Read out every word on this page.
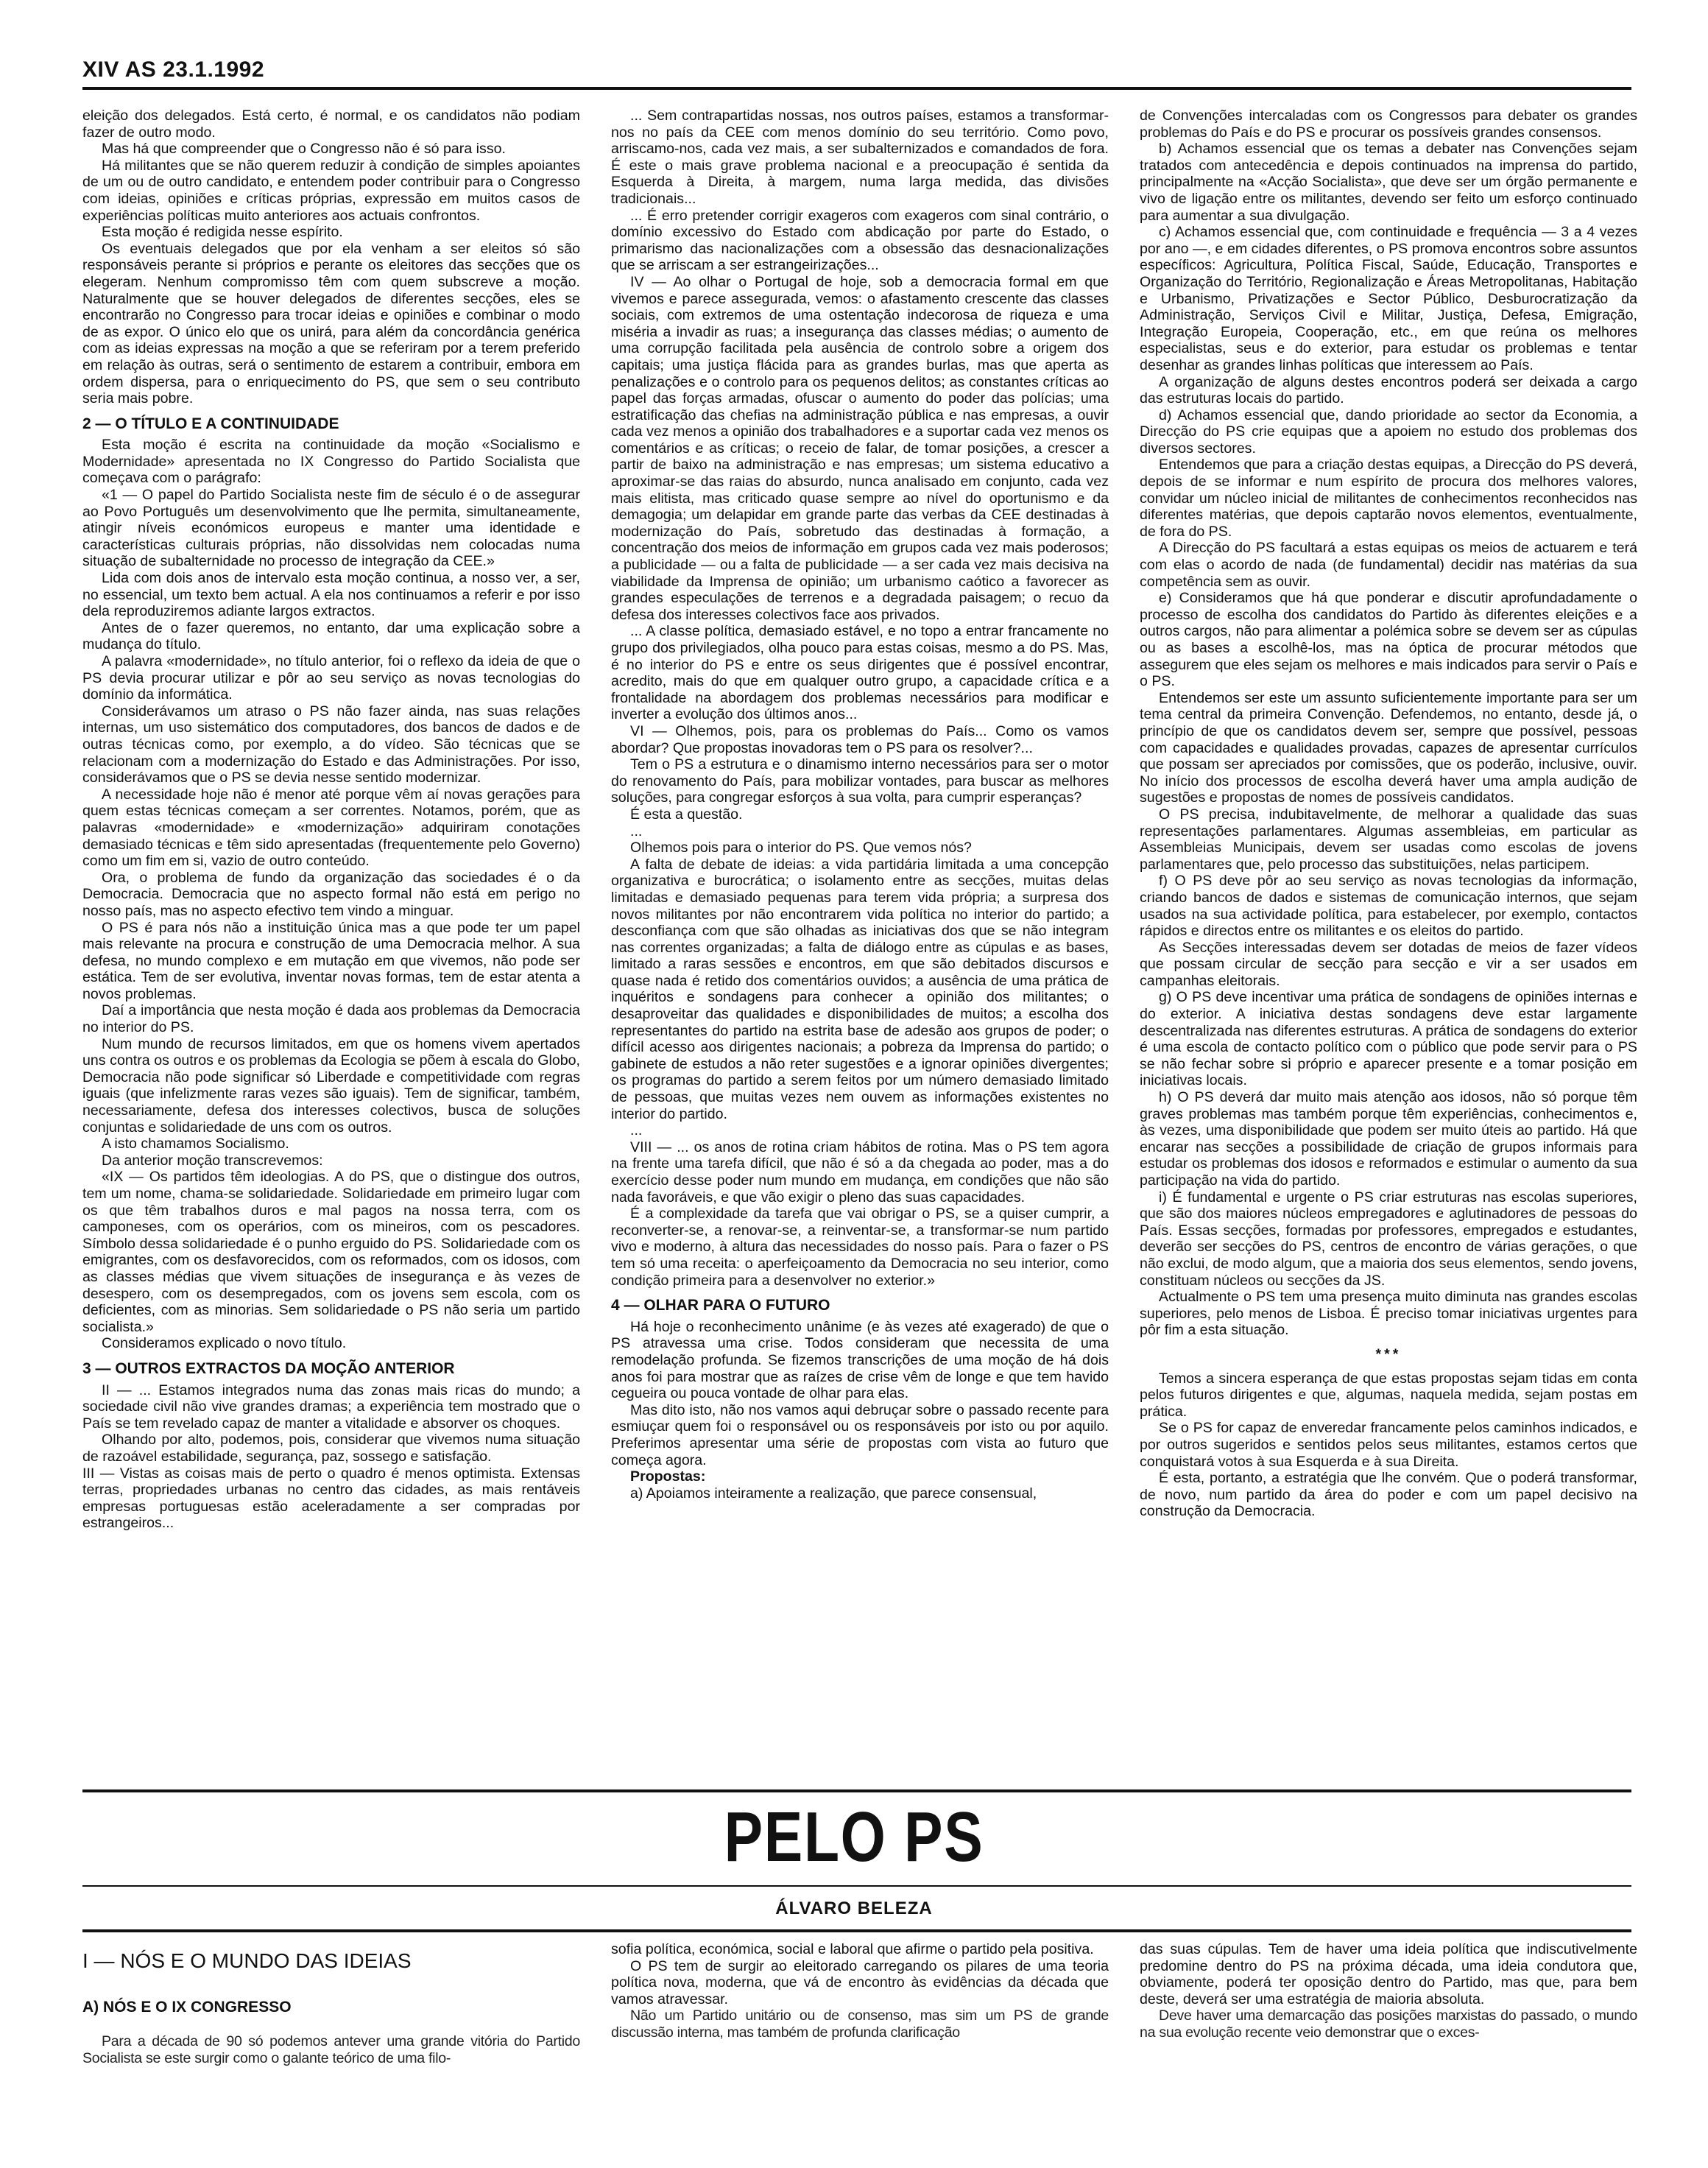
XIV AS 23.1.1992

eleição dos delegados. Está certo, é normal, e os candidatos não podiam fazer de outro modo.

Mas há que compreender que o Congresso não é só para isso.

Há militantes que se não querem reduzir à condição de simples apoiantes de um ou de outro candidato, e entendem poder contribuir para o Congresso com ideias, opiniões e críticas próprias, expressão em muitos casos de experiências políticas muito anteriores aos actuais confrontos.

Esta moção é redigida nesse espírito.

Os eventuais delegados que por ela venham a ser eleitos só são responsáveis perante si próprios e perante os eleitores das secções que os elegeram. Nenhum compromisso têm com quem subscreve a moção. Naturalmente que se houver delegados de diferentes secções, eles se encontrarão no Congresso para trocar ideias e opiniões e combinar o modo de as expor. O único elo que os unirá, para além da concordância genérica com as ideias expressas na moção a que se referiram por a terem preferido em relação às outras, será o sentimento de estarem a contribuir, embora em ordem dispersa, para o enriquecimento do PS, que sem o seu contributo seria mais pobre.

2 — O TÍTULO E A CONTINUIDADE

Esta moção é escrita na continuidade da moção «Socialismo e Modernidade» apresentada no IX Congresso do Partido Socialista que começava com o parágrafo:

«1 — O papel do Partido Socialista neste fim de século é o de assegurar ao Povo Português um desenvolvimento que lhe permita, simultaneamente, atingir níveis económicos europeus e manter uma identidade e características culturais próprias, não dissolvidas nem colocadas numa situação de subalternidade no processo de integração da CEE.»

Lida com dois anos de intervalo esta moção continua, a nosso ver, a ser, no essencial, um texto bem actual. A ela nos continuamos a referir e por isso dela reproduziremos adiante largos extractos.

Antes de o fazer queremos, no entanto, dar uma explicação sobre a mudança do título.

A palavra «modernidade», no título anterior, foi o reflexo da ideia de que o PS devia procurar utilizar e pôr ao seu serviço as novas tecnologias do domínio da informática.

Considerávamos um atraso o PS não fazer ainda, nas suas relações internas, um uso sistemático dos computadores, dos bancos de dados e de outras técnicas como, por exemplo, a do vídeo. São técnicas que se relacionam com a modernização do Estado e das Administrações. Por isso, considerávamos que o PS se devia nesse sentido modernizar.

A necessidade hoje não é menor até porque vêm aí novas gerações para quem estas técnicas começam a ser correntes. Notamos, porém, que as palavras «modernidade» e «modernização» adquiriram conotações demasiado técnicas e têm sido apresentadas (frequentemente pelo Governo) como um fim em si, vazio de outro conteúdo.

Ora, o problema de fundo da organização das sociedades é o da Democracia. Democracia que no aspecto formal não está em perigo no nosso país, mas no aspecto efectivo tem vindo a minguar.

O PS é para nós não a instituição única mas a que pode ter um papel mais relevante na procura e construção de uma Democracia melhor. A sua defesa, no mundo complexo e em mutação em que vivemos, não pode ser estática. Tem de ser evolutiva, inventar novas formas, tem de estar atenta a novos problemas.

Daí a importância que nesta moção é dada aos problemas da Democracia no interior do PS.

Num mundo de recursos limitados, em que os homens vivem apertados uns contra os outros e os problemas da Ecologia se põem à escala do Globo, Democracia não pode significar só Liberdade e competitividade com regras iguais (que infelizmente raras vezes são iguais). Tem de significar, também, necessariamente, defesa dos interesses colectivos, busca de soluções conjuntas e solidariedade de uns com os outros.

A isto chamamos Socialismo.

Da anterior moção transcrevemos:

«IX — Os partidos têm ideologias. A do PS, que o distingue dos outros, tem um nome, chama-se solidariedade. Solidariedade em primeiro lugar com os que têm trabalhos duros e mal pagos na nossa terra, com os camponeses, com os operários, com os mineiros, com os pescadores. Símbolo dessa solidariedade é o punho erguido do PS. Solidariedade com os emigrantes, com os desfavorecidos, com os reformados, com os idosos, com as classes médias que vivem situações de insegurança e às vezes de desespero, com os desempregados, com os jovens sem escola, com os deficientes, com as minorias. Sem solidariedade o PS não seria um partido socialista.»

Consideramos explicado o novo título.

3 — OUTROS EXTRACTOS DA MOÇÃO ANTERIOR

II — ... Estamos integrados numa das zonas mais ricas do mundo; a sociedade civil não vive grandes dramas; a experiência tem mostrado que o País se tem revelado capaz de manter a vitalidade e absorver os choques.

Olhando por alto, podemos, pois, considerar que vivemos numa situação de razoável estabilidade, segurança, paz, sossego e satisfação.

III — Vistas as coisas mais de perto o quadro é menos optimista. Extensas terras, propriedades urbanas no centro das cidades, as mais rentáveis empresas portuguesas estão aceleradamente a ser compradas por estrangeiros...

... Sem contrapartidas nossas, nos outros países, estamos a transformar-nos no país da CEE com menos domínio do seu território. Como povo, arriscamo-nos, cada vez mais, a ser subalternizados e comandados de fora. É este o mais grave problema nacional e a preocupação é sentida da Esquerda à Direita, à margem, numa larga medida, das divisões tradicionais...

... É erro pretender corrigir exageros com exageros com sinal contrário, o domínio excessivo do Estado com abdicação por parte do Estado, o primarismo das nacionalizações com a obsessão das desnacionalizações que se arriscam a ser estrangeirizações...

IV — Ao olhar o Portugal de hoje, sob a democracia formal em que vivemos e parece assegurada, vemos: o afastamento crescente das classes sociais, com extremos de uma ostentação indecorosa de riqueza e uma miséria a invadir as ruas; a insegurança das classes médias; o aumento de uma corrupção facilitada pela ausência de controlo sobre a origem dos capitais; uma justiça flácida para as grandes burlas, mas que aperta as penalizações e o controlo para os pequenos delitos; as constantes críticas ao papel das forças armadas, ofuscar o aumento do poder das polícias; uma estratificação das chefias na administração pública e nas empresas, a ouvir cada vez menos a opinião dos trabalhadores e a suportar cada vez menos os comentários e as críticas; o receio de falar, de tomar posições, a crescer a partir de baixo na administração e nas empresas; um sistema educativo a aproximar-se das raias do absurdo, nunca analisado em conjunto, cada vez mais elitista, mas criticado quase sempre ao nível do oportunismo e da demagogia; um delapidar em grande parte das verbas da CEE destinadas à modernização do País, sobretudo das destinadas à formação, a concentração dos meios de informação em grupos cada vez mais poderosos; a publicidade — ou a falta de publicidade — a ser cada vez mais decisiva na viabilidade da Imprensa de opinião; um urbanismo caótico a favorecer as grandes especulações de terrenos e a degradada paisagem; o recuo da defesa dos interesses colectivos face aos privados.

... A classe política, demasiado estável, e no topo a entrar francamente no grupo dos privilegiados, olha pouco para estas coisas, mesmo a do PS. Mas, é no interior do PS e entre os seus dirigentes que é possível encontrar, acredito, mais do que em qualquer outro grupo, a capacidade crítica e a frontalidade na abordagem dos problemas necessários para modificar e inverter a evolução dos últimos anos...

VI — Olhemos, pois, para os problemas do País... Como os vamos abordar? Que propostas inovadoras tem o PS para os resolver?...

Tem o PS a estrutura e o dinamismo interno necessários para ser o motor do renovamento do País, para mobilizar vontades, para buscar as melhores soluções, para congregar esforços à sua volta, para cumprir esperanças?

É esta a questão.

...

Olhemos pois para o interior do PS. Que vemos nós?

A falta de debate de ideias: a vida partidária limitada a uma concepção organizativa e burocrática; o isolamento entre as secções, muitas delas limitadas e demasiado pequenas para terem vida própria; a surpresa dos novos militantes por não encontrarem vida política no interior do partido; a desconfiança com que são olhadas as iniciativas dos que se não integram nas correntes organizadas; a falta de diálogo entre as cúpulas e as bases, limitado a raras sessões e encontros, em que são debitados discursos e quase nada é retido dos comentários ouvidos; a ausência de uma prática de inquéritos e sondagens para conhecer a opinião dos militantes; o desaproveitar das qualidades e disponibilidades de muitos; a escolha dos representantes do partido na estrita base de adesão aos grupos de poder; o difícil acesso aos dirigentes nacionais; a pobreza da Imprensa do partido; o gabinete de estudos a não reter sugestões e a ignorar opiniões divergentes; os programas do partido a serem feitos por um número demasiado limitado de pessoas, que muitas vezes nem ouvem as informações existentes no interior do partido.

...

VIII — ... os anos de rotina criam hábitos de rotina. Mas o PS tem agora na frente uma tarefa difícil, que não é só a da chegada ao poder, mas a do exercício desse poder num mundo em mudança, em condições que não são nada favoráveis, e que vão exigir o pleno das suas capacidades.

É a complexidade da tarefa que vai obrigar o PS, se a quiser cumprir, a reconverter-se, a renovar-se, a reinventar-se, a transformar-se num partido vivo e moderno, à altura das necessidades do nosso país. Para o fazer o PS tem só uma receita: o aperfeiçoamento da Democracia no seu interior, como condição primeira para a desenvolver no exterior.»

4 — OLHAR PARA O FUTURO

Há hoje o reconhecimento unânime (e às vezes até exagerado) de que o PS atravessa uma crise. Todos consideram que necessita de uma remodelação profunda. Se fizemos transcrições de uma moção de há dois anos foi para mostrar que as raízes de crise vêm de longe e que tem havido cegueira ou pouca vontade de olhar para elas.

Mas dito isto, não nos vamos aqui debruçar sobre o passado recente para esmiuçar quem foi o responsável ou os responsáveis por isto ou por aquilo. Preferimos apresentar uma série de propostas com vista ao futuro que começa agora.

Propostas:

a) Apoiamos inteiramente a realização, que parece consensual,

de Convenções intercaladas com os Congressos para debater os grandes problemas do País e do PS e procurar os possíveis grandes consensos.

b) Achamos essencial que os temas a debater nas Convenções sejam tratados com antecedência e depois continuados na imprensa do partido, principalmente na «Acção Socialista», que deve ser um órgão permanente e vivo de ligação entre os militantes, devendo ser feito um esforço continuado para aumentar a sua divulgação.

c) Achamos essencial que, com continuidade e frequência — 3 a 4 vezes por ano —, e em cidades diferentes, o PS promova encontros sobre assuntos específicos: Agricultura, Política Fiscal, Saúde, Educação, Transportes e Organização do Território, Regionalização e Áreas Metropolitanas, Habitação e Urbanismo, Privatizações e Sector Público, Desburocratização da Administração, Serviços Civil e Militar, Justiça, Defesa, Emigração, Integração Europeia, Cooperação, etc., em que reúna os melhores especialistas, seus e do exterior, para estudar os problemas e tentar desenhar as grandes linhas políticas que interessem ao País.

A organização de alguns destes encontros poderá ser deixada a cargo das estruturas locais do partido.

d) Achamos essencial que, dando prioridade ao sector da Economia, a Direcção do PS crie equipas que a apoiem no estudo dos problemas dos diversos sectores.

Entendemos que para a criação destas equipas, a Direcção do PS deverá, depois de se informar e num espírito de procura dos melhores valores, convidar um núcleo inicial de militantes de conhecimentos reconhecidos nas diferentes matérias, que depois captarão novos elementos, eventualmente, de fora do PS.

A Direcção do PS facultará a estas equipas os meios de actuarem e terá com elas o acordo de nada (de fundamental) decidir nas matérias da sua competência sem as ouvir.

e) Consideramos que há que ponderar e discutir aprofundadamente o processo de escolha dos candidatos do Partido às diferentes eleições e a outros cargos, não para alimentar a polémica sobre se devem ser as cúpulas ou as bases a escolhê-los, mas na óptica de procurar métodos que assegurem que eles sejam os melhores e mais indicados para servir o País e o PS.

Entendemos ser este um assunto suficientemente importante para ser um tema central da primeira Convenção. Defendemos, no entanto, desde já, o princípio de que os candidatos devem ser, sempre que possível, pessoas com capacidades e qualidades provadas, capazes de apresentar currículos que possam ser apreciados por comissões, que os poderão, inclusive, ouvir. No início dos processos de escolha deverá haver uma ampla audição de sugestões e propostas de nomes de possíveis candidatos.

O PS precisa, indubitavelmente, de melhorar a qualidade das suas representações parlamentares. Algumas assembleias, em particular as Assembleias Municipais, devem ser usadas como escolas de jovens parlamentares que, pelo processo das substituições, nelas participem.

f) O PS deve pôr ao seu serviço as novas tecnologias da informação, criando bancos de dados e sistemas de comunicação internos, que sejam usados na sua actividade política, para estabelecer, por exemplo, contactos rápidos e directos entre os militantes e os eleitos do partido.

As Secções interessadas devem ser dotadas de meios de fazer vídeos que possam circular de secção para secção e vir a ser usados em campanhas eleitorais.

g) O PS deve incentivar uma prática de sondagens de opiniões internas e do exterior. A iniciativa destas sondagens deve estar largamente descentralizada nas diferentes estruturas. A prática de sondagens do exterior é uma escola de contacto político com o público que pode servir para o PS se não fechar sobre si próprio e aparecer presente e a tomar posição em iniciativas locais.

h) O PS deverá dar muito mais atenção aos idosos, não só porque têm graves problemas mas também porque têm experiências, conhecimentos e, às vezes, uma disponibilidade que podem ser muito úteis ao partido. Há que encarar nas secções a possibilidade de criação de grupos informais para estudar os problemas dos idosos e reformados e estimular o aumento da sua participação na vida do partido.

i) É fundamental e urgente o PS criar estruturas nas escolas superiores, que são dos maiores núcleos empregadores e aglutinadores de pessoas do País. Essas secções, formadas por professores, empregados e estudantes, deverão ser secções do PS, centros de encontro de várias gerações, o que não exclui, de modo algum, que a maioria dos seus elementos, sendo jovens, constituam núcleos ou secções da JS.

Actualmente o PS tem uma presença muito diminuta nas grandes escolas superiores, pelo menos de Lisboa. É preciso tomar iniciativas urgentes para pôr fim a esta situação.

***

Temos a sincera esperança de que estas propostas sejam tidas em conta pelos futuros dirigentes e que, algumas, naquela medida, sejam postas em prática.

Se o PS for capaz de enveredar francamente pelos caminhos indicados, e por outros sugeridos e sentidos pelos seus militantes, estamos certos que conquistará votos à sua Esquerda e à sua Direita.

É esta, portanto, a estratégia que lhe convém. Que o poderá transformar, de novo, num partido da área do poder e com um papel decisivo na construção da Democracia.

PELO PS
ÁLVARO BELEZA

I — NÓS E O MUNDO DAS IDEIAS

A) NÓS E O IX CONGRESSO

Para a década de 90 só podemos antever uma grande vitória do Partido Socialista se este surgir como o galante teórico de uma filo-

sofia política, económica, social e laboral que afirme o partido pela positiva.

O PS tem de surgir ao eleitorado carregando os pilares de uma teoria política nova, moderna, que vá de encontro às evidências da década que vamos atravessar.

Não um Partido unitário ou de consenso, mas sim um PS de grande discussão interna, mas também de profunda clarificação

das suas cúpulas. Tem de haver uma ideia política que indiscutivelmente predomine dentro do PS na próxima década, uma ideia condutora que, obviamente, poderá ter oposição dentro do Partido, mas que, para bem deste, deverá ser uma estratégia de maioria absoluta.

Deve haver uma demarcação das posições marxistas do passado, o mundo na sua evolução recente veio demonstrar que o exces-
